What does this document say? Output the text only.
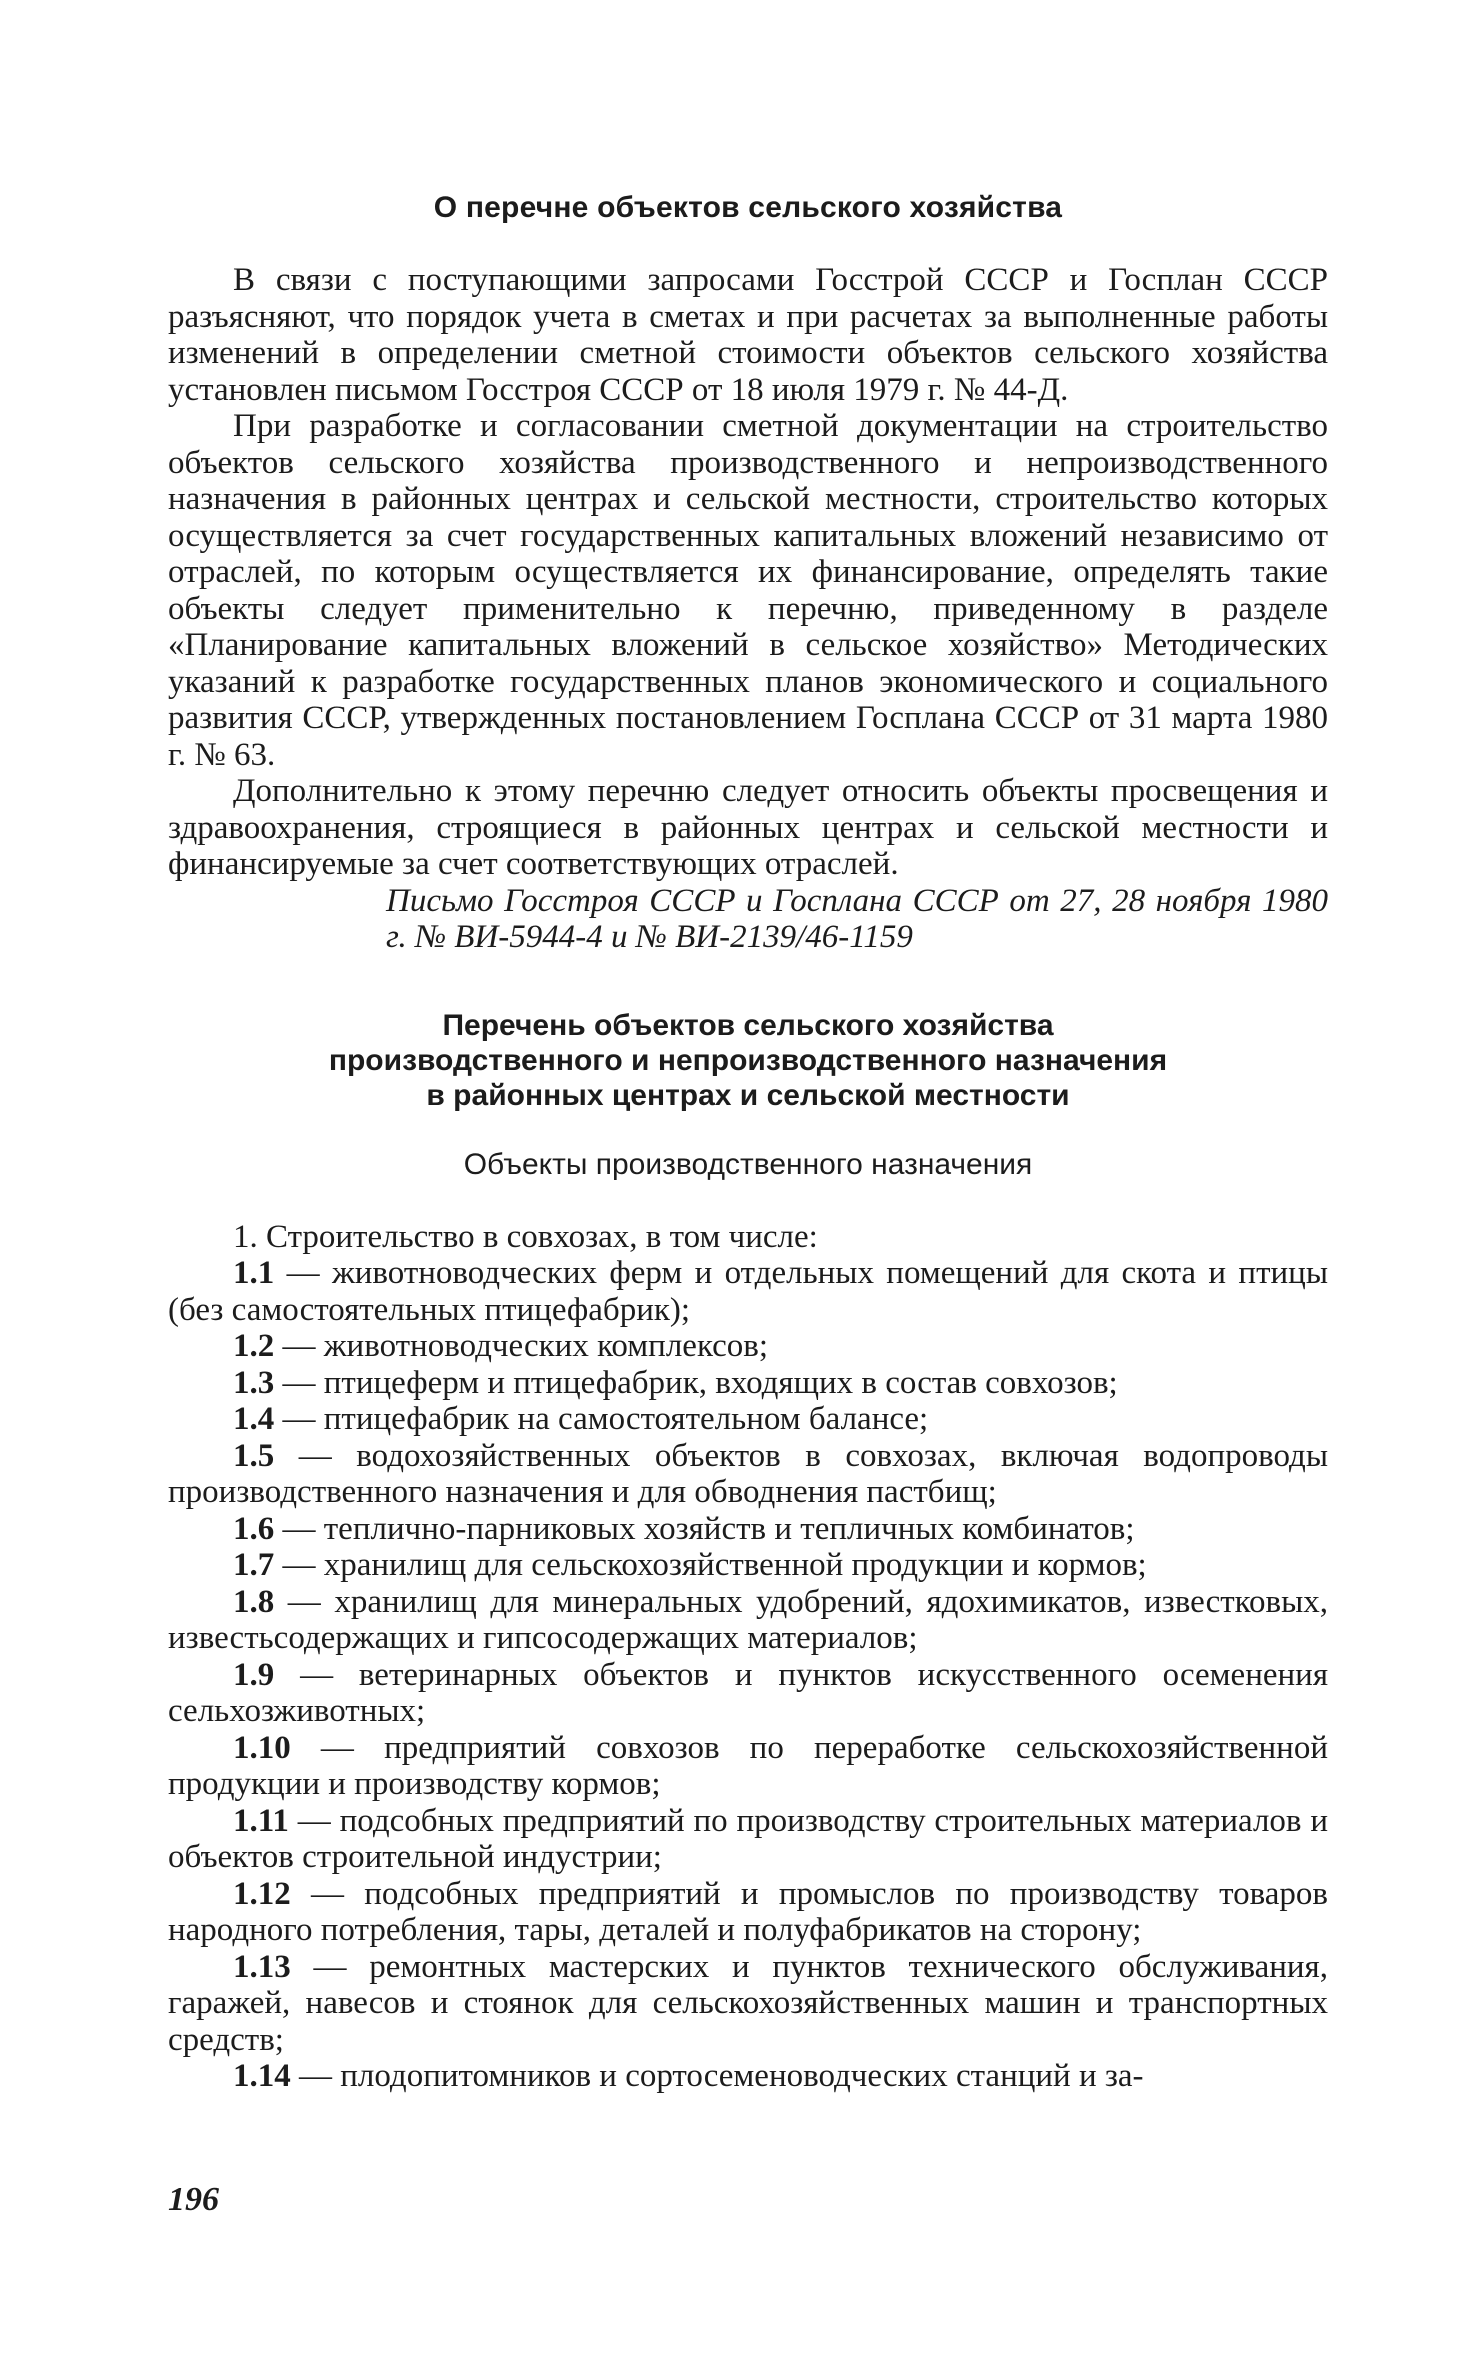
О перечне объектов сельского хозяйства

В связи с поступающими запросами Госстрой СССР и Госплан СССР разъясняют, что порядок учета в сметах и при расчетах за выполненные работы изменений в определении сметной стоимости объектов сельского хозяйства установлен письмом Госстроя СССР от 18 июля 1979 г. № 44-Д.

При разработке и согласовании сметной документации на строительство объектов сельского хозяйства производственного и непроизводственного назначения в районных центрах и сельской местности, строительство которых осуществляется за счет государственных капитальных вложений независимо от отраслей, по которым осуществляется их финансирование, определять такие объекты следует применительно к перечню, приведенному в разделе «Планирование капитальных вложений в сельское хозяйство» Методических указаний к разработке государственных планов экономического и социального развития СССР, утвержденных постановлением Госплана СССР от 31 марта 1980 г. № 63.

Дополнительно к этому перечню следует относить объекты просвещения и здравоохранения, строящиеся в районных центрах и сельской местности и финансируемые за счет соответствующих отраслей.

Письмо Госстроя СССР и Госплана СССР от 27, 28 ноября 1980 г. № ВИ-5944-4 и № ВИ-2139/46-1159

Перечень объектов сельского хозяйства
производственного и непроизводственного назначения
в районных центрах и сельской местности
Объекты производственного назначения

1. Строительство в совхозах, в том числе:

1.1 — животноводческих ферм и отдельных помещений для скота и птицы (без самостоятельных птицефабрик);

1.2 — животноводческих комплексов;

1.3 — птицеферм и птицефабрик, входящих в состав совхозов;

1.4 — птицефабрик на самостоятельном балансе;

1.5 — водохозяйственных объектов в совхозах, включая водопроводы производственного назначения и для обводнения пастбищ;

1.6 — теплично-парниковых хозяйств и тепличных комбинатов;

1.7 — хранилищ для сельскохозяйственной продукции и кормов;

1.8 — хранилищ для минеральных удобрений, ядохимикатов, известковых, известьсодержащих и гипсосодержащих материалов;

1.9 — ветеринарных объектов и пунктов искусственного осеменения сельхозживотных;

1.10 — предприятий совхозов по переработке сельскохозяйственной продукции и производству кормов;

1.11 — подсобных предприятий по производству строительных материалов и объектов строительной индустрии;

1.12 — подсобных предприятий и промыслов по производству товаров народного потребления, тары, деталей и полуфабрикатов на сторону;

1.13 — ремонтных мастерских и пунктов технического обслуживания, гаражей, навесов и стоянок для сельскохозяйственных машин и транспортных средств;

1.14 — плодопитомников и сортосеменоводческих станций и за-

196
